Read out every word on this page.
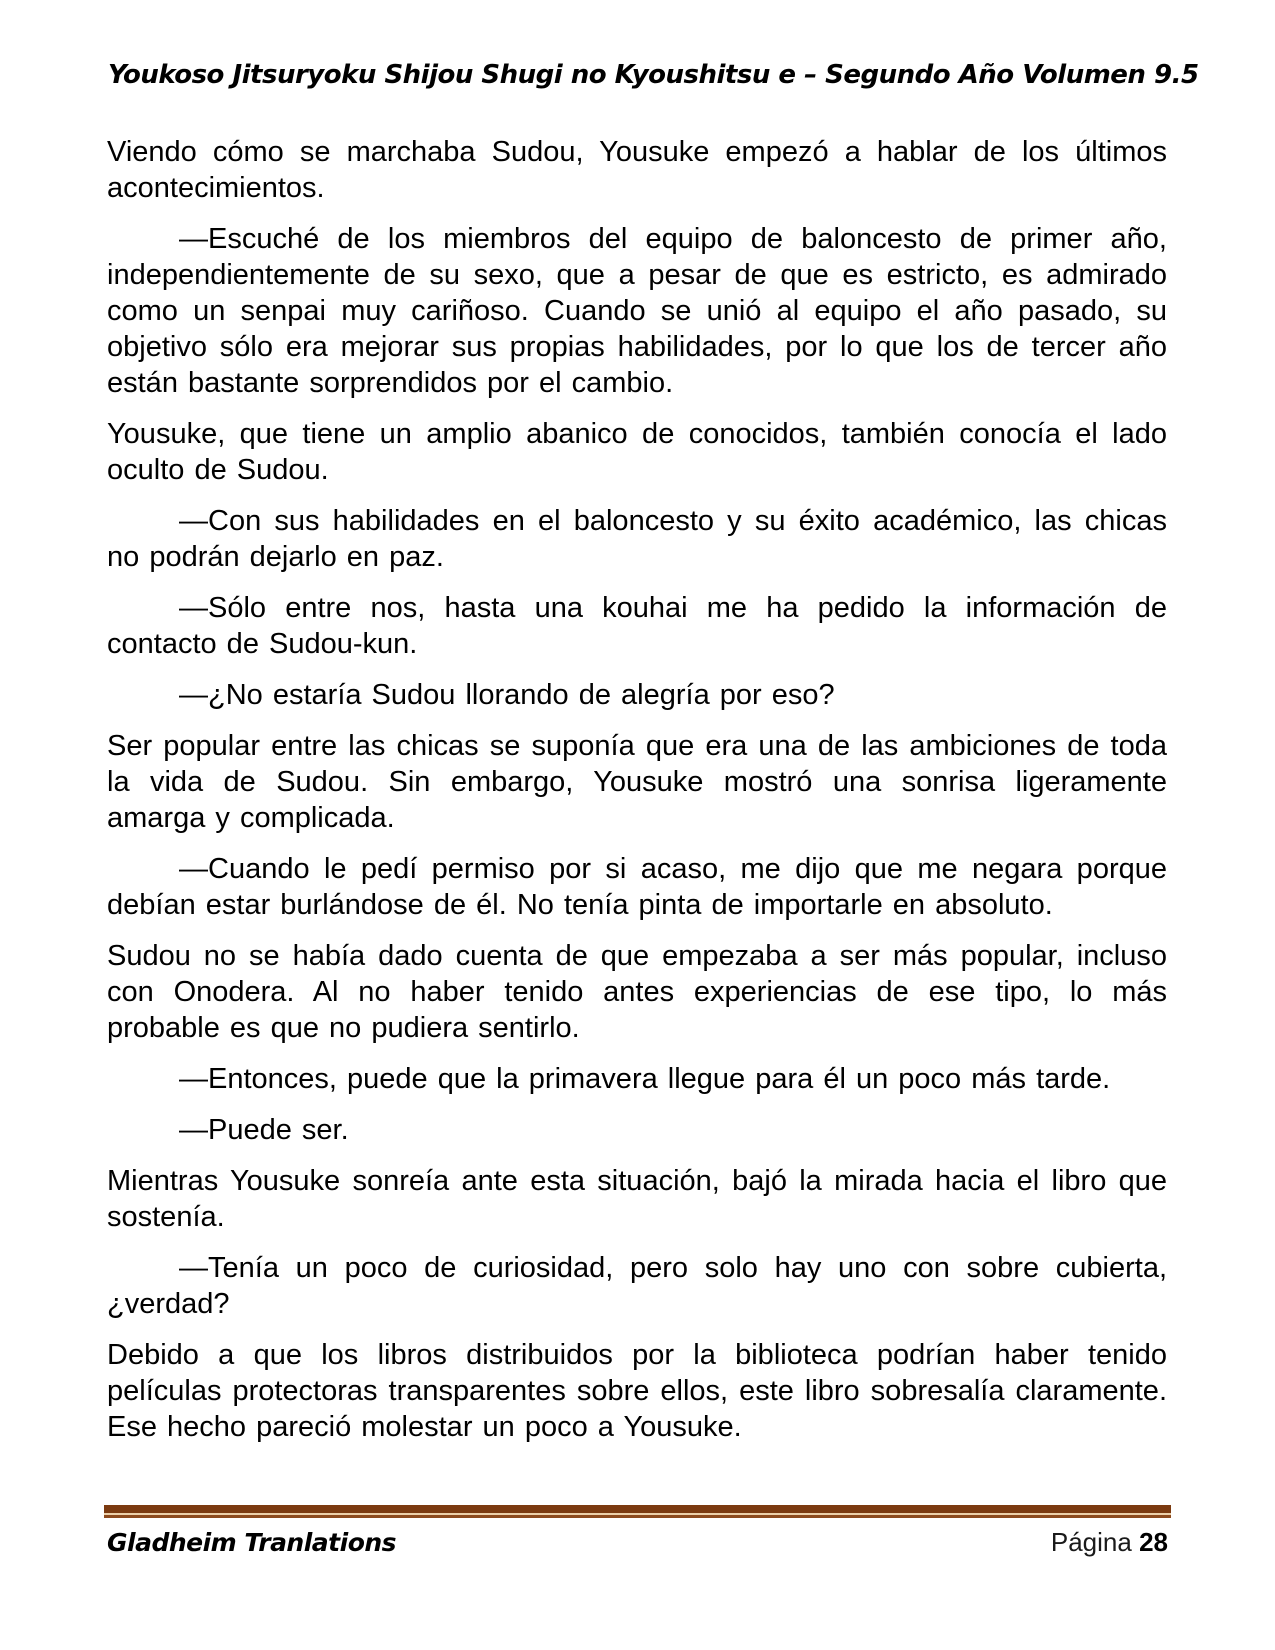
Youkoso Jitsuryoku Shijou Shugi no Kyoushitsu e – Segundo Año Volumen 9.5

Viendo cómo se marchaba Sudou, Yousuke empezó a hablar de los últimos acontecimientos.

—Escuché de los miembros del equipo de baloncesto de primer año, independientemente de su sexo, que a pesar de que es estricto, es admirado como un senpai muy cariñoso. Cuando se unió al equipo el año pasado, su objetivo sólo era mejorar sus propias habilidades, por lo que los de tercer año están bastante sorprendidos por el cambio.

Yousuke, que tiene un amplio abanico de conocidos, también conocía el lado oculto de Sudou.

—Con sus habilidades en el baloncesto y su éxito académico, las chicas no podrán dejarlo en paz.

—Sólo entre nos, hasta una kouhai me ha pedido la información de contacto de Sudou-kun.

—¿No estaría Sudou llorando de alegría por eso?

Ser popular entre las chicas se suponía que era una de las ambiciones de toda la vida de Sudou. Sin embargo, Yousuke mostró una sonrisa ligeramente amarga y complicada.

—Cuando le pedí permiso por si acaso, me dijo que me negara porque debían estar burlándose de él. No tenía pinta de importarle en absoluto.

Sudou no se había dado cuenta de que empezaba a ser más popular, incluso con Onodera. Al no haber tenido antes experiencias de ese tipo, lo más probable es que no pudiera sentirlo.

—Entonces, puede que la primavera llegue para él un poco más tarde.

—Puede ser.

Mientras Yousuke sonreía ante esta situación, bajó la mirada hacia el libro que sostenía.

—Tenía un poco de curiosidad, pero solo hay uno con sobre cubierta, ¿verdad?

Debido a que los libros distribuidos por la biblioteca podrían haber tenido películas protectoras transparentes sobre ellos, este libro sobresalía claramente. Ese hecho pareció molestar un poco a Yousuke.

Gladheim Tranlations	Página 28
